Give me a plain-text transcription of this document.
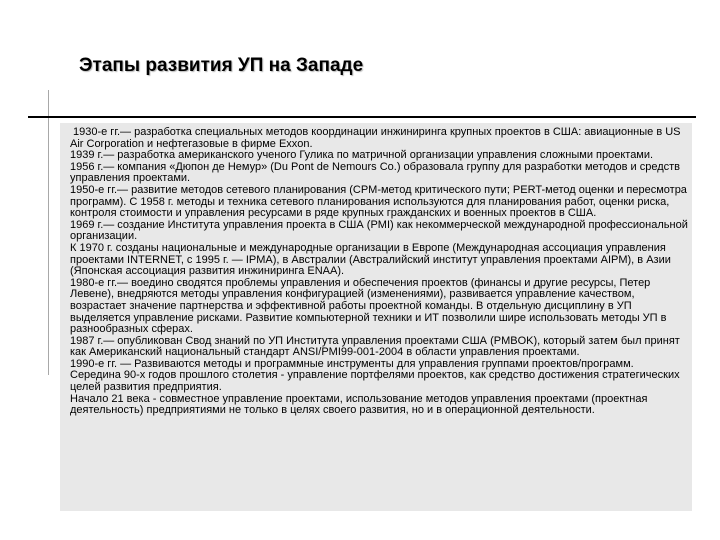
Этапы развития УП на Западе
1930-е гг.— разработка специальных методов координации инжиниринга крупных проектов в США: авиационные в US Air Corporation и нефтегазовые в фирме Exxon.
1939 г.— разработка американского ученого Гулика по матричной организации управления сложными проектами.
1956 г.— компания «Дюпон де Немур» (Du Pont de Nemours Co.) образовала группу для разработки методов и средств управления проектами.
1950-е гг.— развитие методов сетевого планирования (CPM-метод критического пути; PERT-метод оценки и пересмотра программ). С 1958 г. методы и техника сетевого планирования используются для планирования работ, оценки риска, контроля стоимости и управления ресурсами в ряде крупных гражданских и военных проектов в США.
1969 г.— создание Института управления проекта в США (PMI) как некоммерческой международной профессиональной организации.
К 1970 г. созданы национальные и международные организации в Европе (Международная ассоциация управления проектами INTERNET, с 1995 г. — IPMA), в Австралии (Австралийский институт управления проектами AIPM), в Азии (Японская ассоциация развития инжиниринга ENAA).
1980-е гг.— воедино сводятся проблемы управления и обеспечения проектов (финансы и другие ресурсы, Петер Левене), внедряются методы управления конфигурацией (изменениями), развивается управление качеством, возрастает значение партнерства и эффективной работы проектной команды. В отдельную дисциплину в УП выделяется управление рисками. Развитие компьютерной техники и ИТ позволили шире использовать методы УП в разнообразных сферах.
1987 г.— опубликован Свод знаний по УП Института управления проектами США (PMBOK), который затем был принят как Американский национальный стандарт ANSI/PMI99-001-2004 в области управления проектами.
1990-е гг. — Развиваются методы и программные инструменты для управления группами проектов/программ.
Середина 90-х годов прошлого столетия - управление портфелями проектов, как средство достижения стратегических целей развития предприятия.
Начало 21 века - совместное управление проектами, использование методов управления проектами (проектная деятельность) предприятиями не только в целях своего развития, но и в операционной деятельности.
